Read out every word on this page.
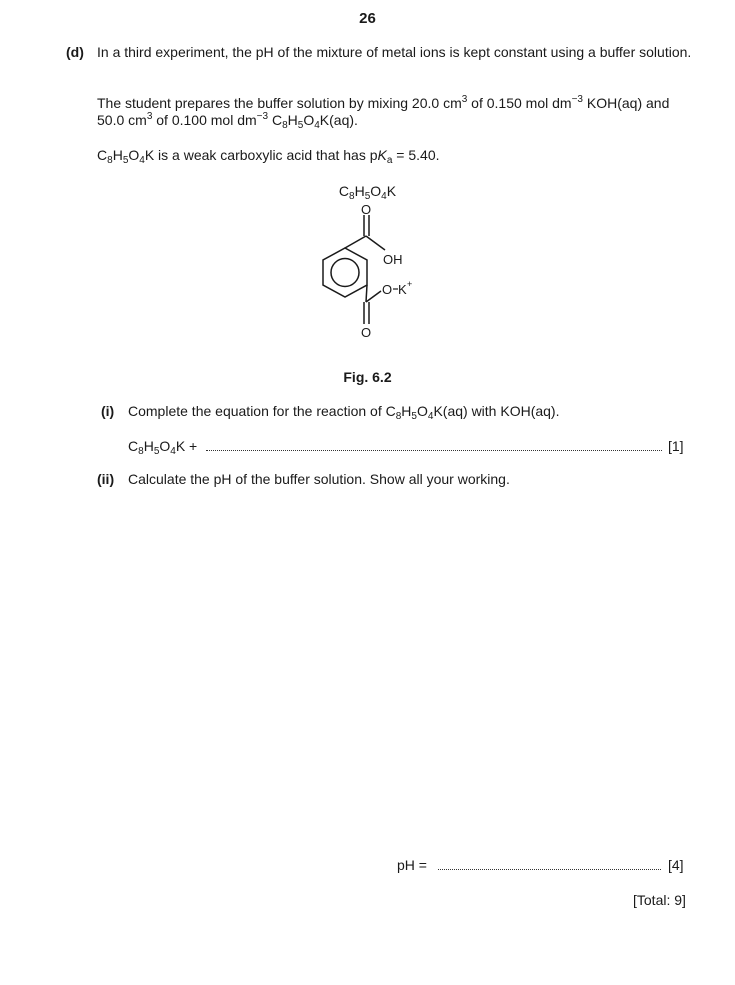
26
(d) In a third experiment, the pH of the mixture of metal ions is kept constant using a buffer solution.

The student prepares the buffer solution by mixing 20.0 $cm^3$ of 0.150 mol $dm^{-3}$ KOH(aq) and 50.0 $cm^3$ of 0.100 mol $dm^{-3}$ $C_8H_5O_4K(aq)$.

$C_8H_5O_4K$ is a weak carboxylic acid that has $pK_a = 5.40$.

$C_8H_5O_4K$
O
OH
O K +
O
Fig. 6.2
(i) Complete the equation for the reaction of $C_8H_5O_4K(aq)$ with KOH(aq).
$C_8H_5O_4K$ +	[1]
(ii) Calculate the pH of the buffer solution. Show all your working.
pH =	[4]
[Total: 9]
